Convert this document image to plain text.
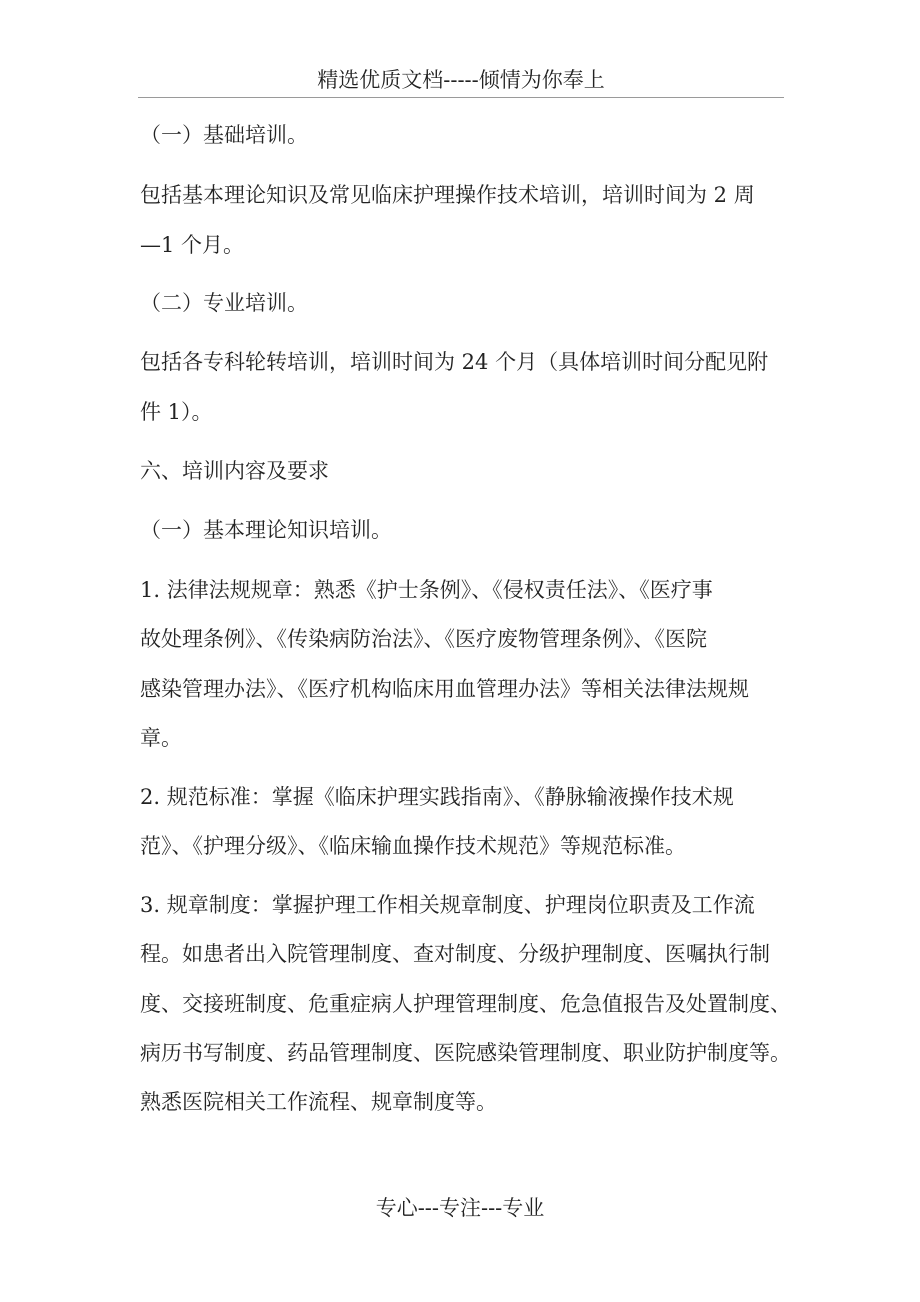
精选优质文档-----倾情为你奉上
（一）基础培训。
包括基本理论知识及常见临床护理操作技术培训，培训时间为 2 周
—1 个月。
（二）专业培训。
包括各专科轮转培训，培训时间为 24 个月（具体培训时间分配见附
件 1）。
六、培训内容及要求
（一）基本理论知识培训。
1. 法律法规规章：熟悉《护士条例》、《侵权责任法》、《医疗事
故处理条例》、《传染病防治法》、《医疗废物管理条例》、《医院
感染管理办法》、《医疗机构临床用血管理办法》等相关法律法规规
章。
2. 规范标准：掌握《临床护理实践指南》、《静脉输液操作技术规
范》、《护理分级》、《临床输血操作技术规范》等规范标准。
3. 规章制度：掌握护理工作相关规章制度、护理岗位职责及工作流
程。如患者出入院管理制度、查对制度、分级护理制度、医嘱执行制
度、交接班制度、危重症病人护理管理制度、危急值报告及处置制度、
病历书写制度、药品管理制度、医院感染管理制度、职业防护制度等。
熟悉医院相关工作流程、规章制度等。
专心---专注---专业
